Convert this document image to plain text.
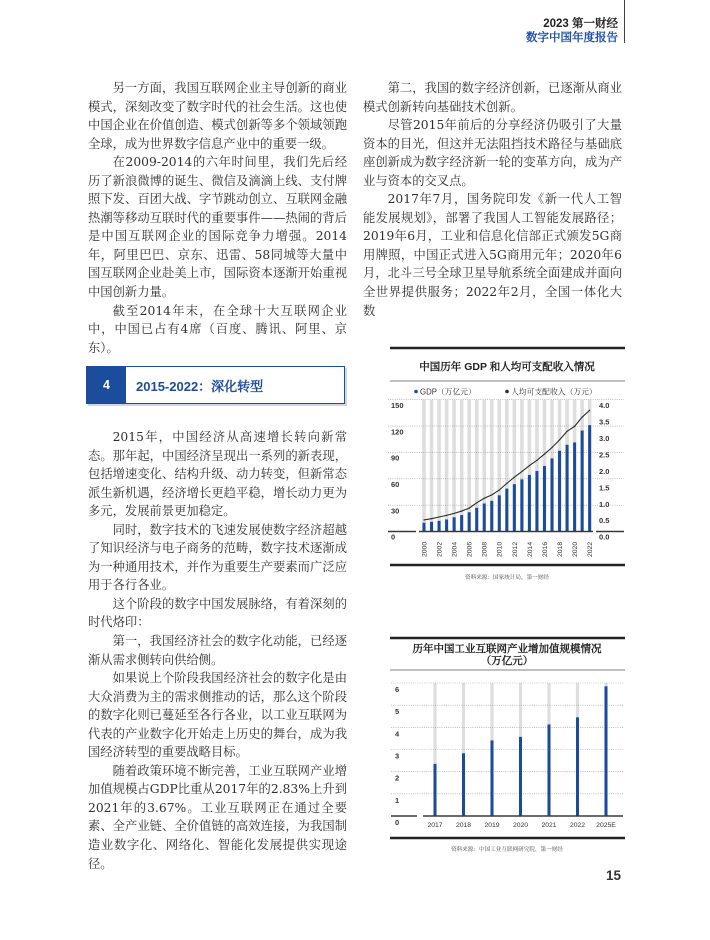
2023 第一财经
数字中国年度报告

另一方面，我国互联网企业主导创新的商业模式，深刻改变了数字时代的社会生活。这也使中国企业在价值创造、模式创新等多个领域领跑全球，成为世界数字信息产业中的重要一级。

在2009-2014的六年时间里，我们先后经历了新浪微博的诞生、微信及滴滴上线、支付牌照下发、百团大战、字节跳动创立、互联网金融热潮等移动互联时代的重要事件——热闹的背后是中国互联网企业的国际竞争力增强。2014年，阿里巴巴、京东、迅雷、58同城等大量中国互联网企业赴美上市，国际资本逐渐开始重视中国创新力量。

截至2014年末，在全球十大互联网企业中，中国已占有4席（百度、腾讯、阿里、京东）。

4	2015-2022：深化转型

2015年，中国经济从高速增长转向新常态。那年起，中国经济呈现出一系列的新表现，包括增速变化、结构升级、动力转变，但新常态派生新机遇，经济增长更趋平稳，增长动力更为多元，发展前景更加稳定。

同时，数字技术的飞速发展使数字经济超越了知识经济与电子商务的范畴，数字技术逐渐成为一种通用技术，并作为重要生产要素而广泛应用于各行各业。

这个阶段的数字中国发展脉络，有着深刻的时代烙印：

第一，我国经济社会的数字化动能，已经逐渐从需求侧转向供给侧。

如果说上个阶段我国经济社会的数字化是由大众消费为主的需求侧推动的话，那么这个阶段的数字化则已蔓延至各行各业，以工业互联网为代表的产业数字化开始走上历史的舞台，成为我国经济转型的重要战略目标。

随着政策环境不断完善，工业互联网产业增加值规模占GDP比重从2017年的2.83%上升到2021年的3.67%。工业互联网正在通过全要素、全产业链、全价值链的高效连接，为我国制造业数字化、网络化、智能化发展提供实现途径。

第二，我国的数字经济创新，已逐渐从商业模式创新转向基础技术创新。

尽管2015年前后的分享经济仍吸引了大量资本的目光，但这并无法阻挡技术路径与基础底座创新成为数字经济新一轮的变革方向，成为产业与资本的交叉点。

2017年7月，国务院印发《新一代人工智能发展规划》，部署了我国人工智能发展路径；2019年6月，工业和信息化信部正式颁发5G商用牌照，中国正式进入5G商用元年；2020年6月，北斗三号全球卫星导航系统全面建成并面向全世界提供服务；2022年2月，全国一体化大数

中国历年 GDP 和人均可支配收入情况
GDP（万亿元）	人均可支配收入（万元）
0
30
60
90
120
150
0.0
0.5
1.0
1.5
2.0
2.5
3.0
3.5
4.0
2000 2002 2004 2006 2008 2010 2012 2014 2016 2018 2020 2022
资料来源：国家统计局，第一财经
历年中国工业互联网产业增加值规模情况
（万亿元）
0
1
2
3
4
5
6
2017 2018 2019 2020 2021 2022 2025E
资料来源：中国工业互联网研究院，第一财经
15
